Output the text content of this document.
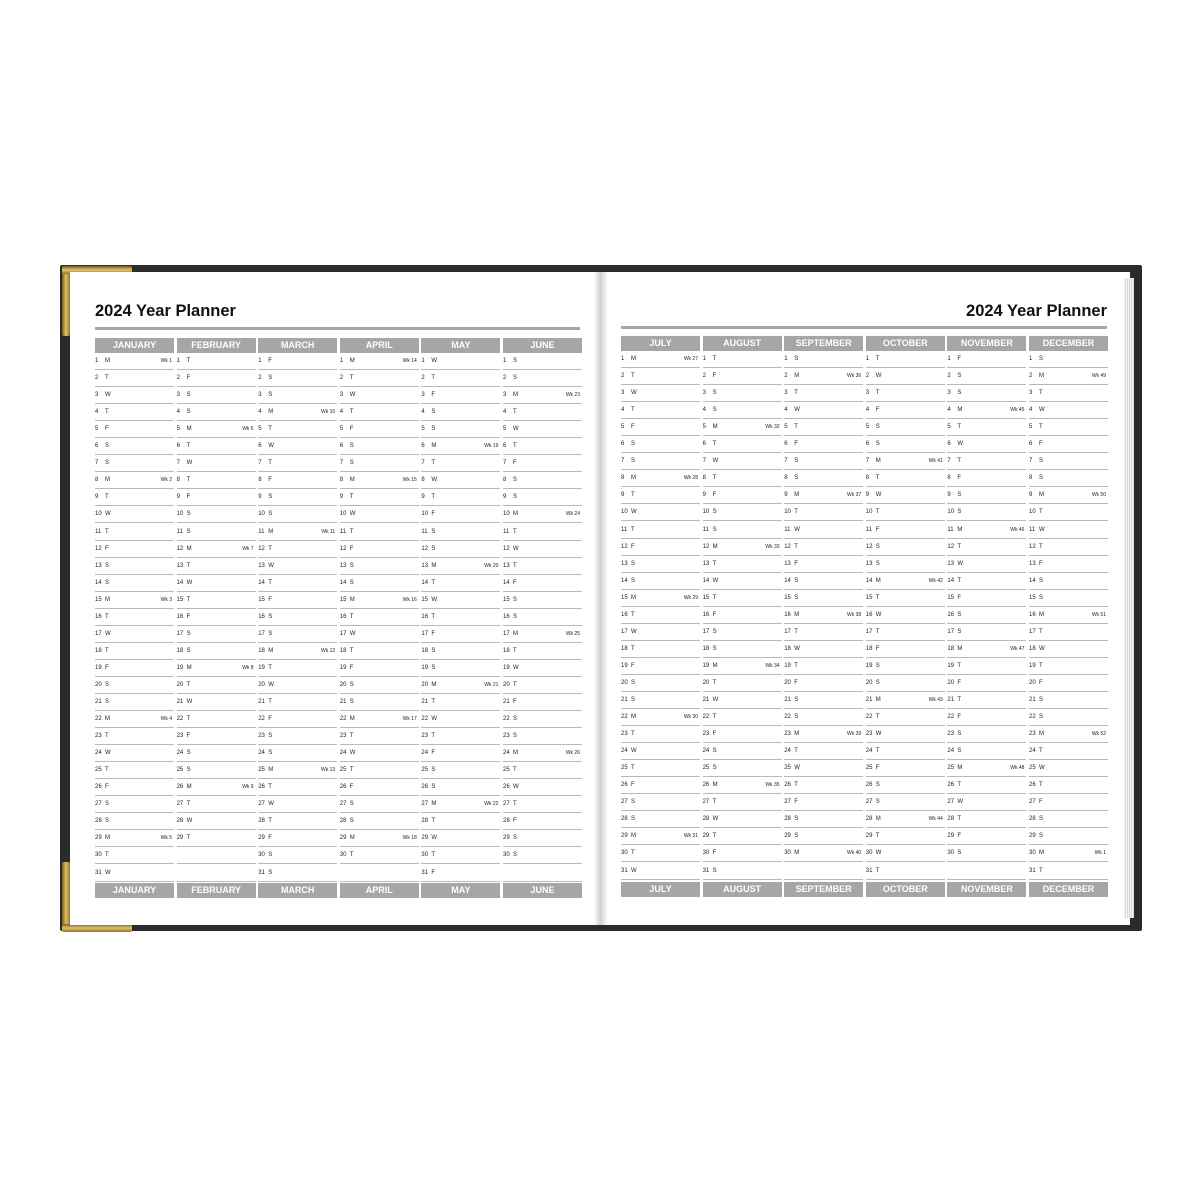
2024 Year Planner	2024 Year Planner
JANUARY
JANUARY
1 M	Wk 1
2 T
3 W
4 T
5 F
6 S
7 S
8 M	Wk 2
9 T
10 W
11 T
12 F
13 S
14 S
15 M	Wk 3
16 T
17 W
18 T
19 F
20 S
21 S
22 M	Wk 4
23 T
24 W
25 T
26 F
27 S
28 S
29 M	Wk 5
30 T
31 W
FEBRUARY
FEBRUARY
1 T
2 F
3 S
4 S
5 M	Wk 6
6 T
7 W
8 T
9 F
10 S
11 S
12 M	Wk 7
13 T
14 W
15 T
16 F
17 S
18 S
19 M	Wk 8
20 T
21 W
22 T
23 F
24 S
25 S
26 M	Wk 9
27 T
28 W
29 T
MARCH
MARCH
1 F
2 S
3 S
4 M	Wk 10
5 T
6 W
7 T
8 F
9 S
10 S
11 M	Wk 11
12 T
13 W
14 T
15 F
16 S
17 S
18 M	Wk 12
19 T
20 W
21 T
22 F
23 S
24 S
25 M	Wk 13
26 T
27 W
28 T
29 F
30 S
31 S
APRIL
APRIL
1 M	Wk 14
2 T
3 W
4 T
5 F
6 S
7 S
8 M	Wk 15
9 T
10 W
11 T
12 F
13 S
14 S
15 M	Wk 16
16 T
17 W
18 T
19 F
20 S
21 S
22 M	Wk 17
23 T
24 W
25 T
26 F
27 S
28 S
29 M	Wk 18
30 T
MAY
MAY
1 W
2 T
3 F
4 S
5 S
6 M	Wk 19
7 T
8 W
9 T
10 F
11 S
12 S
13 M	Wk 20
14 T
15 W
16 T
17 F
18 S
19 S
20 M	Wk 21
21 T
22 W
23 T
24 F
25 S
26 S
27 M	Wk 22
28 T
29 W
30 T
31 F
JUNE
JUNE
1 S
2 S
3 M	Wk 23
4 T
5 W
6 T
7 F
8 S
9 S
10 M	Wk 24
11 T
12 W
13 T
14 F
15 S
16 S
17 M	Wk 25
18 T
19 W
20 T
21 F
22 S
23 S
24 M	Wk 26
25 T
26 W
27 T
28 F
29 S
30 S
JULY
JULY
1 M	Wk 27
2 T
3 W
4 T
5 F
6 S
7 S
8 M	Wk 28
9 T
10 W
11 T
12 F
13 S
14 S
15 M	Wk 29
16 T
17 W
18 T
19 F
20 S
21 S
22 M	Wk 30
23 T
24 W
25 T
26 F
27 S
28 S
29 M	Wk 31
30 T
31 W
AUGUST
AUGUST
1 T
2 F
3 S
4 S
5 M	Wk 32
6 T
7 W
8 T
9 F
10 S
11 S
12 M	Wk 33
13 T
14 W
15 T
16 F
17 S
18 S
19 M	Wk 34
20 T
21 W
22 T
23 F
24 S
25 S
26 M	Wk 35
27 T
28 W
29 T
30 F
31 S
SEPTEMBER
SEPTEMBER
1 S
2 M	Wk 36
3 T
4 W
5 T
6 F
7 S
8 S
9 M	Wk 37
10 T
11 W
12 T
13 F
14 S
15 S
16 M	Wk 38
17 T
18 W
19 T
20 F
21 S
22 S
23 M	Wk 39
24 T
25 W
26 T
27 F
28 S
29 S
30 M	Wk 40
OCTOBER
OCTOBER
1 T
2 W
3 T
4 F
5 S
6 S
7 M	Wk 41
8 T
9 W
10 T
11 F
12 S
13 S
14 M	Wk 42
15 T
16 W
17 T
18 F
19 S
20 S
21 M	Wk 43
22 T
23 W
24 T
25 F
26 S
27 S
28 M	Wk 44
29 T
30 W
31 T
NOVEMBER
NOVEMBER
1 F
2 S
3 S
4 M	Wk 45
5 T
6 W
7 T
8 F
9 S
10 S
11 M	Wk 46
12 T
13 W
14 T
15 F
16 S
17 S
18 M	Wk 47
19 T
20 F
21 T
22 F
23 S
24 S
25 M	Wk 48
26 T
27 W
28 T
29 F
30 S
DECEMBER
DECEMBER
1 S
2 M	Wk 49
3 T
4 W
5 T
6 F
7 S
8 S
9 M	Wk 50
10 T
11 W
12 T
13 F
14 S
15 S
16 M	Wk 51
17 T
18 W
19 T
20 F
21 S
22 S
23 M	Wk 52
24 T
25 W
26 T
27 F
28 S
29 S
30 M	Wk 1
31 T
